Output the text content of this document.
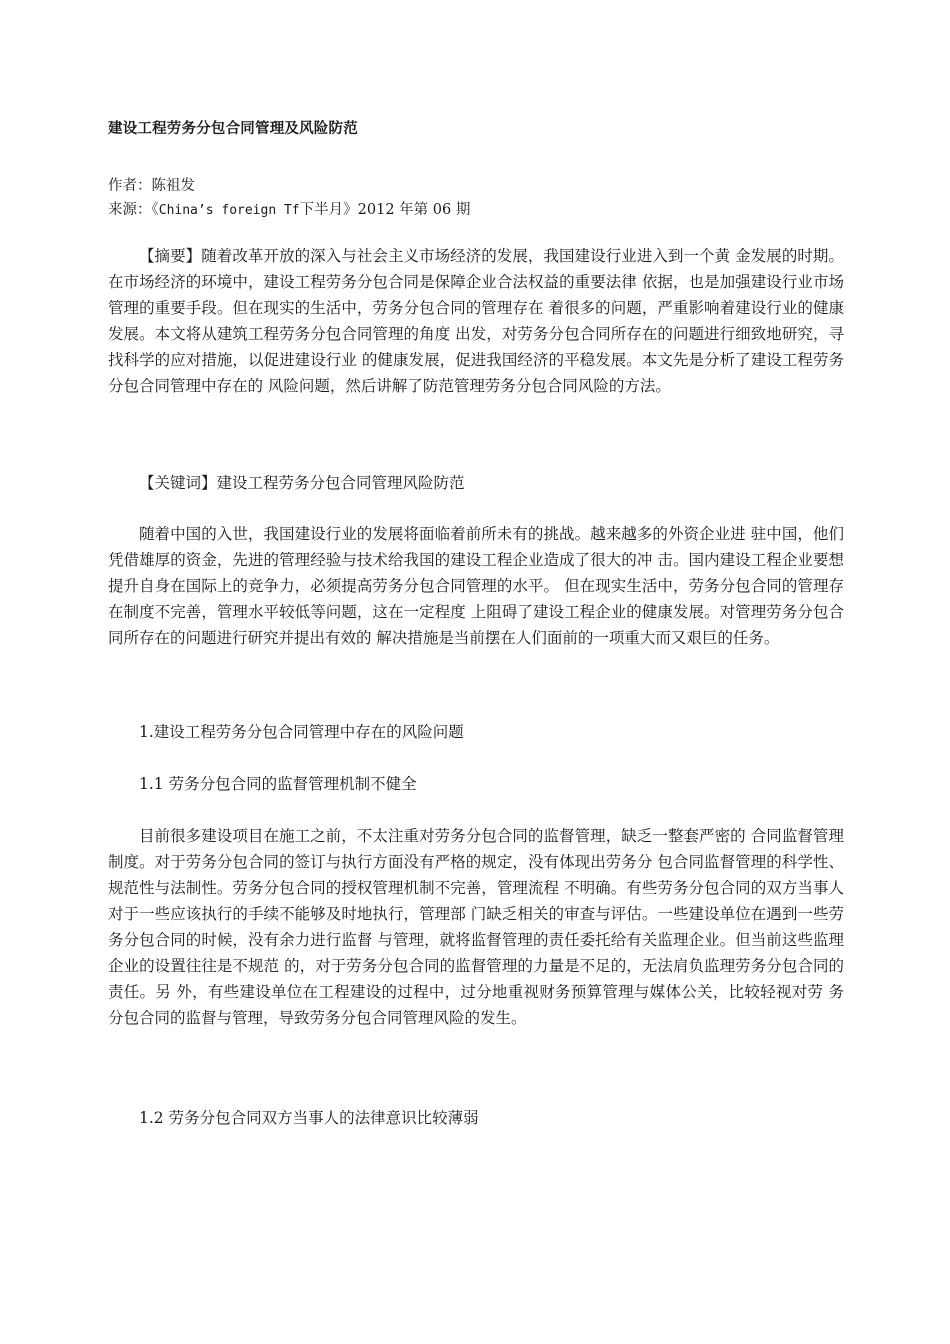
建设工程劳务分包合同管理及风险防范
作者：陈祖发
来源：《China’s foreign Tf下半月》2012 年第 06 期

【摘要】随着改革开放的深入与社会主义市场经济的发展，我国建设行业进入到一个黄 金发展的时期。在市场经济的环境中，建设工程劳务分包合同是保障企业合法权益的重要法律 依据，也是加强建设行业市场管理的重要手段。但在现实的生活中，劳务分包合同的管理存在 着很多的问题，严重影响着建设行业的健康发展。本文将从建筑工程劳务分包合同管理的角度 出发，对劳务分包合同所存在的问题进行细致地研究，寻找科学的应对措施，以促进建设行业 的健康发展，促进我国经济的平稳发展。本文先是分析了建设工程劳务分包合同管理中存在的 风险问题，然后讲解了防范管理劳务分包合同风险的方法。

【关键词】建设工程劳务分包合同管理风险防范

随着中国的入世，我国建设行业的发展将面临着前所未有的挑战。越来越多的外资企业进 驻中国，他们凭借雄厚的资金，先进的管理经验与技术给我国的建设工程企业造成了很大的冲 击。国内建设工程企业要想提升自身在国际上的竞争力，必须提高劳务分包合同管理的水平。 但在现实生活中，劳务分包合同的管理存在制度不完善，管理水平较低等问题，这在一定程度 上阻碍了建设工程企业的健康发展。对管理劳务分包合同所存在的问题进行研究并提出有效的 解决措施是当前摆在人们面前的一项重大而又艰巨的任务。

1.建设工程劳务分包合同管理中存在的风险问题

1.1 劳务分包合同的监督管理机制不健全

目前很多建设项目在施工之前，不太注重对劳务分包合同的监督管理，缺乏一整套严密的 合同监督管理制度。对于劳务分包合同的签订与执行方面没有严格的规定，没有体现出劳务分 包合同监督管理的科学性、规范性与法制性。劳务分包合同的授权管理机制不完善，管理流程 不明确。有些劳务分包合同的双方当事人对于一些应该执行的手续不能够及时地执行，管理部 门缺乏相关的审查与评估。一些建设单位在遇到一些劳务分包合同的时候，没有余力进行监督 与管理，就将监督管理的责任委托给有关监理企业。但当前这些监理企业的设置往往是不规范 的，对于劳务分包合同的监督管理的力量是不足的，无法肩负监理劳务分包合同的责任。另 外，有些建设单位在工程建设的过程中，过分地重视财务预算管理与媒体公关，比较轻视对劳 务分包合同的监督与管理，导致劳务分包合同管理风险的发生。

1.2 劳务分包合同双方当事人的法律意识比较薄弱
